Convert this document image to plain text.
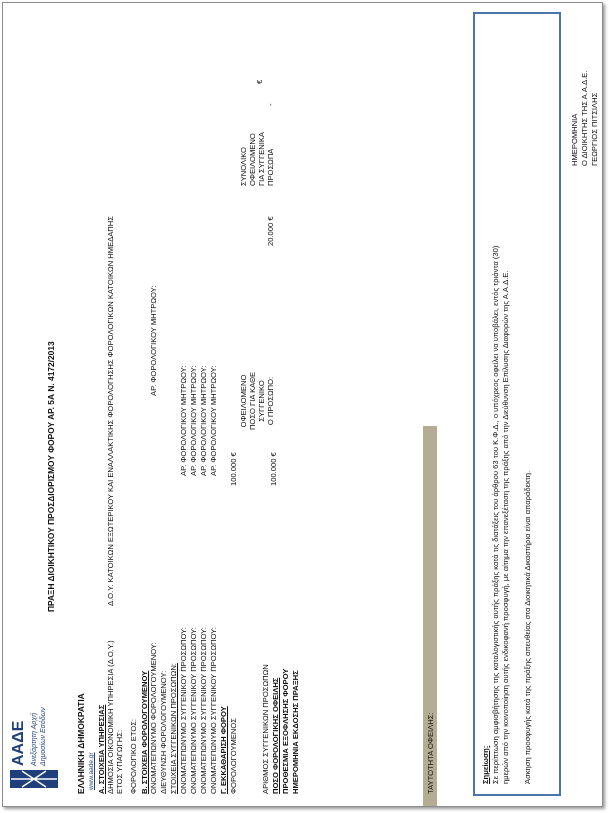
ΕΛΛΗΝΙΚΗ ΔΗΜΟΚΡΑΤΙΑ
ΠΡΑΞΗ ΔΙΟΙΚΗΤΙΚΟΥ ΠΡΟΣΔΙΟΡΙΣΜΟΥ ΦΟΡΟΥ ΑΡ. 5Α Ν. 4172/2013
ΑΑΔΕ Ανεξάρτητη Αρχή Δημοσίων Εσόδων
www.aade.gr Α. ΣΤΟΙΧΕΙΑ ΥΠΗΡΕΣΙΑΣ ΔΗΜΟΣΙΑ ΟΙΚΟΝΟΜΙΚΗ ΥΠΗΡΕΣΙΑ (Δ.Ο.Υ.)
Δ.Ο.Υ. ΚΑΤΟΙΚΩΝ ΕΞΩΤΕΡΙΚΟΥ ΚΑΙ ΕΝΑΛΛΑΚΤΙΚΗΣ ΦΟΡΟΛΟΓΗΣΗΣ ΦΟΡΟΛΟΓΙΚΩΝ ΚΑΤΟΙΚΩΝ ΗΜΕΔΑΠΗΣ
ΕΤΟΣ ΥΠΑΓΩΓΗΣ: ΦΟΡΟΛΟΓΙΚΟ ΕΤΟΣ: Β. ΣΤΟΙΧΕΙΑ ΦΟΡΟΛΟΓΟΥΜΕΝΟΥ ΟΝΟΜΑΤΕΠΩΝΥΜΟ ΦΟΡΟΛΟΓΟΥΜΕΝΟΥ:
ΑΡ. ΦΟΡΟΛΟΓΙΚΟΥ ΜΗΤΡΩΟΥ:
ΔΙΕΥΘΥΝΣΗ ΦΟΡΟΛΟΓΟΥΜΕΝΟΥ: ΣΤΟΙΧΕΙΑ ΣΥΓΓΕΝΙΚΩΝ ΠΡΟΣΩΠΩΝ: ΟΝΟΜΑΤΕΠΩΝΥΜΟ ΣΥΓΓΕΝΙΚΟΥ ΠΡΟΣΩΠΟΥ:
ΑΡ. ΦΟΡΟΛΟΓΙΚΟΥ ΜΗΤΡΩΟΥ:
ΟΝΟΜΑΤΕΠΩΝΥΜΟ ΣΥΓΓΕΝΙΚΟΥ ΠΡΟΣΩΠΟΥ:
ΑΡ. ΦΟΡΟΛΟΓΙΚΟΥ ΜΗΤΡΩΟΥ:
ΟΝΟΜΑΤΕΠΩΝΥΜΟ ΣΥΓΓΕΝΙΚΟΥ ΠΡΟΣΩΠΟΥ:
ΑΡ. ΦΟΡΟΛΟΓΙΚΟΥ ΜΗΤΡΩΟΥ:
ΟΝΟΜΑΤΕΠΩΝΥΜΟ ΣΥΓΓΕΝΙΚΟΥ ΠΡΟΣΩΠΟΥ:
ΑΡ. ΦΟΡΟΛΟΓΙΚΟΥ ΜΗΤΡΩΟΥ:
Γ. ΕΚΚΑΘΑΡΙΣΗ ΦΟΡΟΥ ΦΟΡΟΛΟΓΟΥΜΕΝΟΣ
100.000 €
ΟΦΕΙΛΟΜΕΝΟ ΠΟΣΟ ΓΙΑ ΚΑΘΕ ΣΥΓΓΕΝΙΚΟ Ο ΠΡΟΣΩΠΟ:
ΣΥΝΟΛΙΚΟ ΟΦΕΙΛΟΜΕΝΟ ΓΙΑ ΣΥΓΓΕΝΙΚΑ ΠΡΟΣΩΠΑ
20.000 €
-
€
ΑΡΙΘΜΟΣ ΣΥΓΓΕΝΙΚΩΝ ΠΡΟΣΩΠΩΝ
100.000 €
ΠΟΣΟ ΦΟΡΟΛΟΓΙΚΗΣ ΟΦΕΙΛΗΣ ΠΡΟΘΕΣΜΙΑ ΕΞΟΦΛΗΣΗΣ ΦΟΡΟΥ ΗΜΕΡΟΜΗΝΙΑ ΕΚΔΟΣΗΣ ΠΡΑΞΗΣ	ΤΑΥΤΟΤΗΤΑ ΟΦΕΙΛΗΣ:	Σημείωση: Σε περίπτωση αμφισβήτησης της καταλογιστικής αυτής πράξης κατά τις διατάξεις του άρθρου 63 του Κ.Φ.Δ., ο υπόχρεος οφείλει να υποβάλει, εντός τριάντα (30) ημερών από την κοινοποίηση αυτής ενδικοφανή προσφυγή, με αίτημα την επανεξέταση της πράξης από την Διεύθυνση Επίλυσης Διαφορών της Α.Α.Δ.Ε. Άσκηση προσφυγής κατά της πράξης απευθείας στα Διοικητικά Δικαστήρια είναι απαράδεκτη.
ΗΜΕΡΟΜΗΝΙΑ Ο ΔΙΟΙΚΗΤΗΣ ΤΗΣ Α.Α.Δ.Ε. ΓΕΩΡΓΙΟΣ ΠΙΤΣΙΛΗΣ
